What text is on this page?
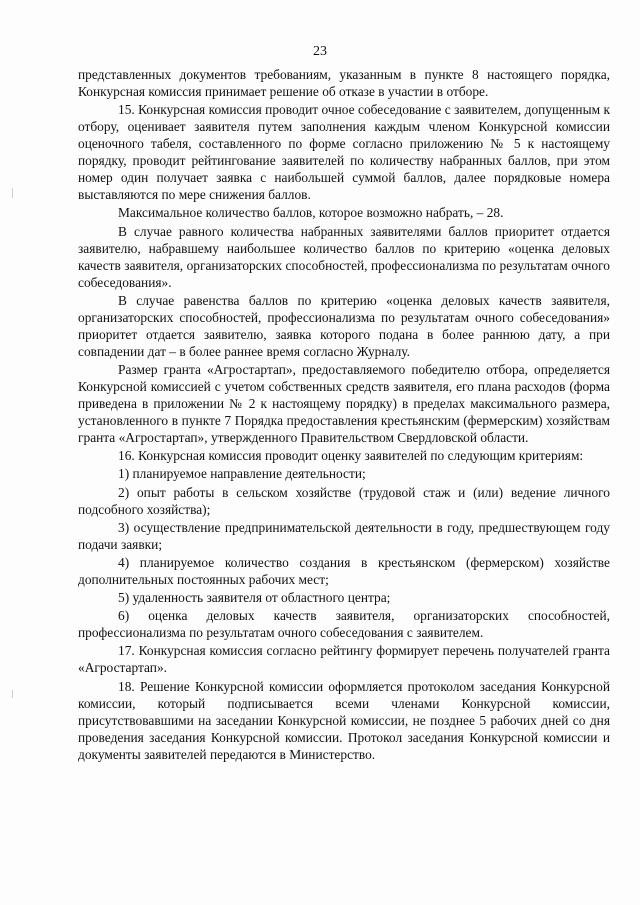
23

представленных документов требованиям, указанным в пункте 8 настоящего порядка, Конкурсная комиссия принимает решение об отказе в участии в отборе.

15. Конкурсная комиссия проводит очное собеседование с заявителем, допущенным к отбору, оценивает заявителя путем заполнения каждым членом Конкурсной комиссии оценочного табеля, составленного по форме согласно приложению № 5 к настоящему порядку, проводит рейтингование заявителей по количеству набранных баллов, при этом номер один получает заявка с наибольшей суммой баллов, далее порядковые номера выставляются по мере снижения баллов.

Максимальное количество баллов, которое возможно набрать, – 28.

В случае равного количества набранных заявителями баллов приоритет отдается заявителю, набравшему наибольшее количество баллов по критерию «оценка деловых качеств заявителя, организаторских способностей, профессионализма по результатам очного собеседования».

В случае равенства баллов по критерию «оценка деловых качеств заявителя, организаторских способностей, профессионализма по результатам очного собеседования» приоритет отдается заявителю, заявка которого подана в более раннюю дату, а при совпадении дат – в более раннее время согласно Журналу.

Размер гранта «Агростартап», предоставляемого победителю отбора, определяется Конкурсной комиссией с учетом собственных средств заявителя, его плана расходов (форма приведена в приложении № 2 к настоящему порядку) в пределах максимального размера, установленного в пункте 7 Порядка предоставления крестьянским (фермерским) хозяйствам гранта «Агростартап», утвержденного Правительством Свердловской области.

16. Конкурсная комиссия проводит оценку заявителей по следующим критериям:

1) планируемое направление деятельности;

2) опыт работы в сельском хозяйстве (трудовой стаж и (или) ведение личного подсобного хозяйства);

3) осуществление предпринимательской деятельности в году, предшествующем году подачи заявки;

4) планируемое количество создания в крестьянском (фермерском) хозяйстве дополнительных постоянных рабочих мест;

5) удаленность заявителя от областного центра;

6) оценка деловых качеств заявителя, организаторских способностей, профессионализма по результатам очного собеседования с заявителем.

17. Конкурсная комиссия согласно рейтингу формирует перечень получателей гранта «Агростартап».

18. Решение Конкурсной комиссии оформляется протоколом заседания Конкурсной комиссии, который подписывается всеми членами Конкурсной комиссии, присутствовавшими на заседании Конкурсной комиссии, не позднее 5 рабочих дней со дня проведения заседания Конкурсной комиссии. Протокол заседания Конкурсной комиссии и документы заявителей передаются в Министерство.
